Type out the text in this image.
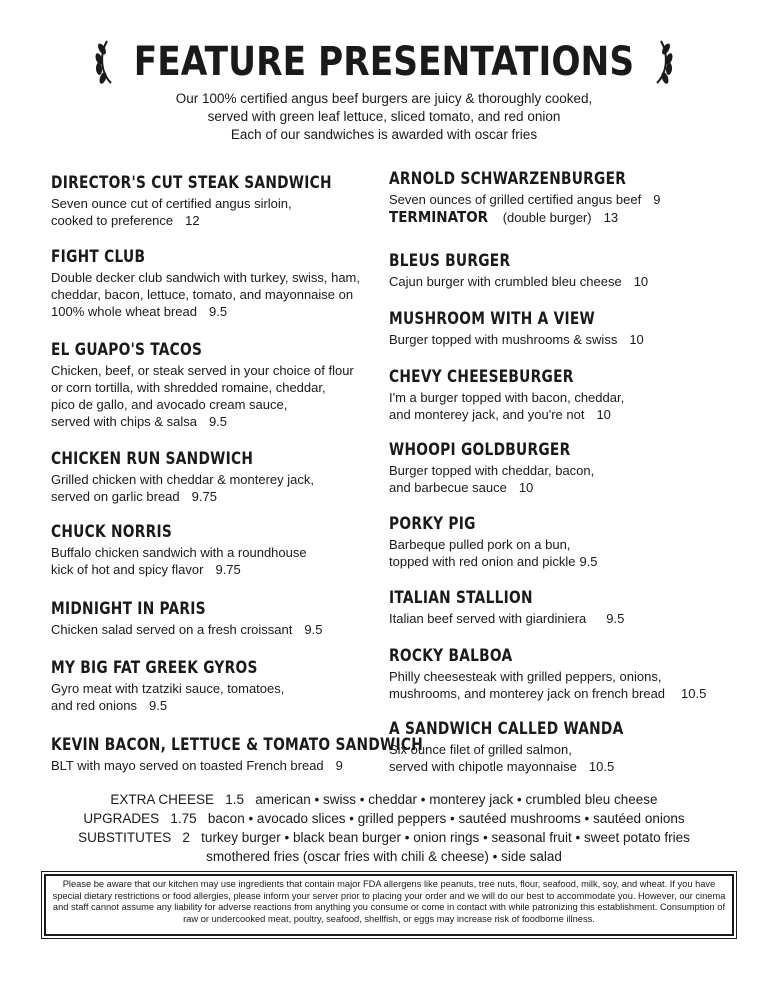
FEATURE PRESENTATIONS
Our 100% certified angus beef burgers are juicy & thoroughly cooked,
served with green leaf lettuce, sliced tomato, and red onion
Each of our sandwiches is awarded with oscar fries
DIRECTOR'S CUT STEAK SANDWICH
Seven ounce cut of certified angus sirloin,
cooked to preference 12
FIGHT CLUB
Double decker club sandwich with turkey, swiss, ham,
cheddar, bacon, lettuce, tomato, and mayonnaise on
100% whole wheat bread 9.5
EL GUAPO'S TACOS
Chicken, beef, or steak served in your choice of flour
or corn tortilla, with shredded romaine, cheddar,
pico de gallo, and avocado cream sauce,
served with chips & salsa 9.5
CHICKEN RUN SANDWICH
Grilled chicken with cheddar & monterey jack,
served on garlic bread 9.75
CHUCK NORRIS
Buffalo chicken sandwich with a roundhouse
kick of hot and spicy flavor 9.75
MIDNIGHT IN PARIS
Chicken salad served on a fresh croissant 9.5
MY BIG FAT GREEK GYROS
Gyro meat with tzatziki sauce, tomatoes,
and red onions 9.5
KEVIN BACON, LETTUCE & TOMATO SANDWICH
BLT with mayo served on toasted French bread 9
ARNOLD SCHWARZENBURGER
Seven ounces of grilled certified angus beef 9
TERMINATOR (double burger) 13
BLEUS BURGER
Cajun burger with crumbled bleu cheese 10
MUSHROOM WITH A VIEW
Burger topped with mushrooms & swiss 10
CHEVY CHEESEBURGER
I'm a burger topped with bacon, cheddar,
and monterey jack, and you're not 10
WHOOPI GOLDBURGER
Burger topped with cheddar, bacon,
and barbecue sauce 10
PORKY PIG
Barbeque pulled pork on a bun,
topped with red onion and pickle 9.5
ITALIAN STALLION
Italian beef served with giardiniera 9.5
ROCKY BALBOA
Philly cheesesteak with grilled peppers, onions,
mushrooms, and monterey jack on french bread 10.5
A SANDWICH CALLED WANDA
Six ounce filet of grilled salmon,
served with chipotle mayonnaise 10.5
EXTRA CHEESE   1.5   american • swiss • cheddar • monterey jack • crumbled bleu cheese
UPGRADES   1.75   bacon • avocado slices • grilled peppers • sautéed mushrooms • sautéed onions
SUBSTITUTES   2   turkey burger • black bean burger • onion rings • seasonal fruit • sweet potato fries
smothered fries (oscar fries with chili & cheese) • side salad
Please be aware that our kitchen may use ingredients that contain major FDA allergens like peanuts, tree nuts, flour, seafood, milk, soy, and wheat. If you have special dietary restrictions or food allergies, please inform your server prior to placing your order and we will do our best to accommodate you. However, our cinema and staff cannot assume any liability for adverse reactions from anything you consume or come in contact with while patronizing this establishment. Consumption of raw or undercooked meat, poultry, seafood, shellfish, or eggs may increase risk of foodborne illness.
